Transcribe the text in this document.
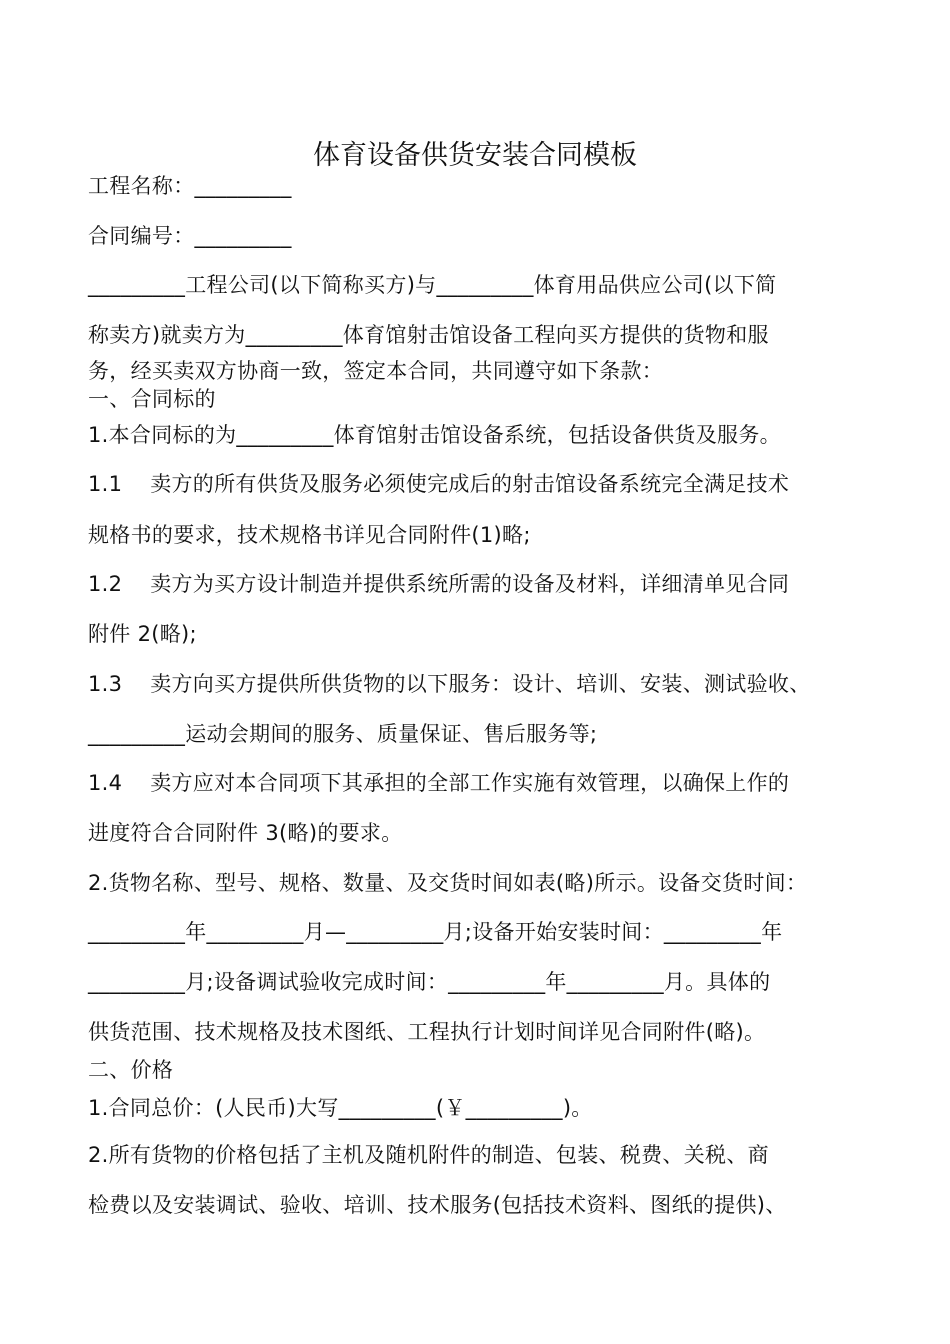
体育设备供货安装合同模板
工程名称：_________
合同编号：_________
_________工程公司(以下简称买方)与_________体育用品供应公司(以下简
称卖方)就卖方为_________体育馆射击馆设备工程向买方提供的货物和服
务，经买卖双方协商一致，签定本合同，共同遵守如下条款：
一、合同标的
1.本合同标的为_________体育馆射击馆设备系统，包括设备供货及服务。
1.1    卖方的所有供货及服务必须使完成后的射击馆设备系统完全满足技术
规格书的要求，技术规格书详见合同附件(1)略;
1.2    卖方为买方设计制造并提供系统所需的设备及材料，详细清单见合同
附件 2(略);
1.3    卖方向买方提供所供货物的以下服务：设计、培训、安装、测试验收、
_________运动会期间的服务、质量保证、售后服务等;
1.4    卖方应对本合同项下其承担的全部工作实施有效管理，以确保上作的
进度符合合同附件 3(略)的要求。
2.货物名称、型号、规格、数量、及交货时间如表(略)所示。设备交货时间：
_________年_________月—_________月;设备开始安装时间：_________年
_________月;设备调试验收完成时间：_________年_________月。具体的
供货范围、技术规格及技术图纸、工程执行计划时间详见合同附件(略)。
二、价格
1.合同总价：(人民币)大写_________(￥_________)。
2.所有货物的价格包括了主机及随机附件的制造、包装、税费、关税、商
检费以及安装调试、验收、培训、技术服务(包括技术资料、图纸的提供)、
